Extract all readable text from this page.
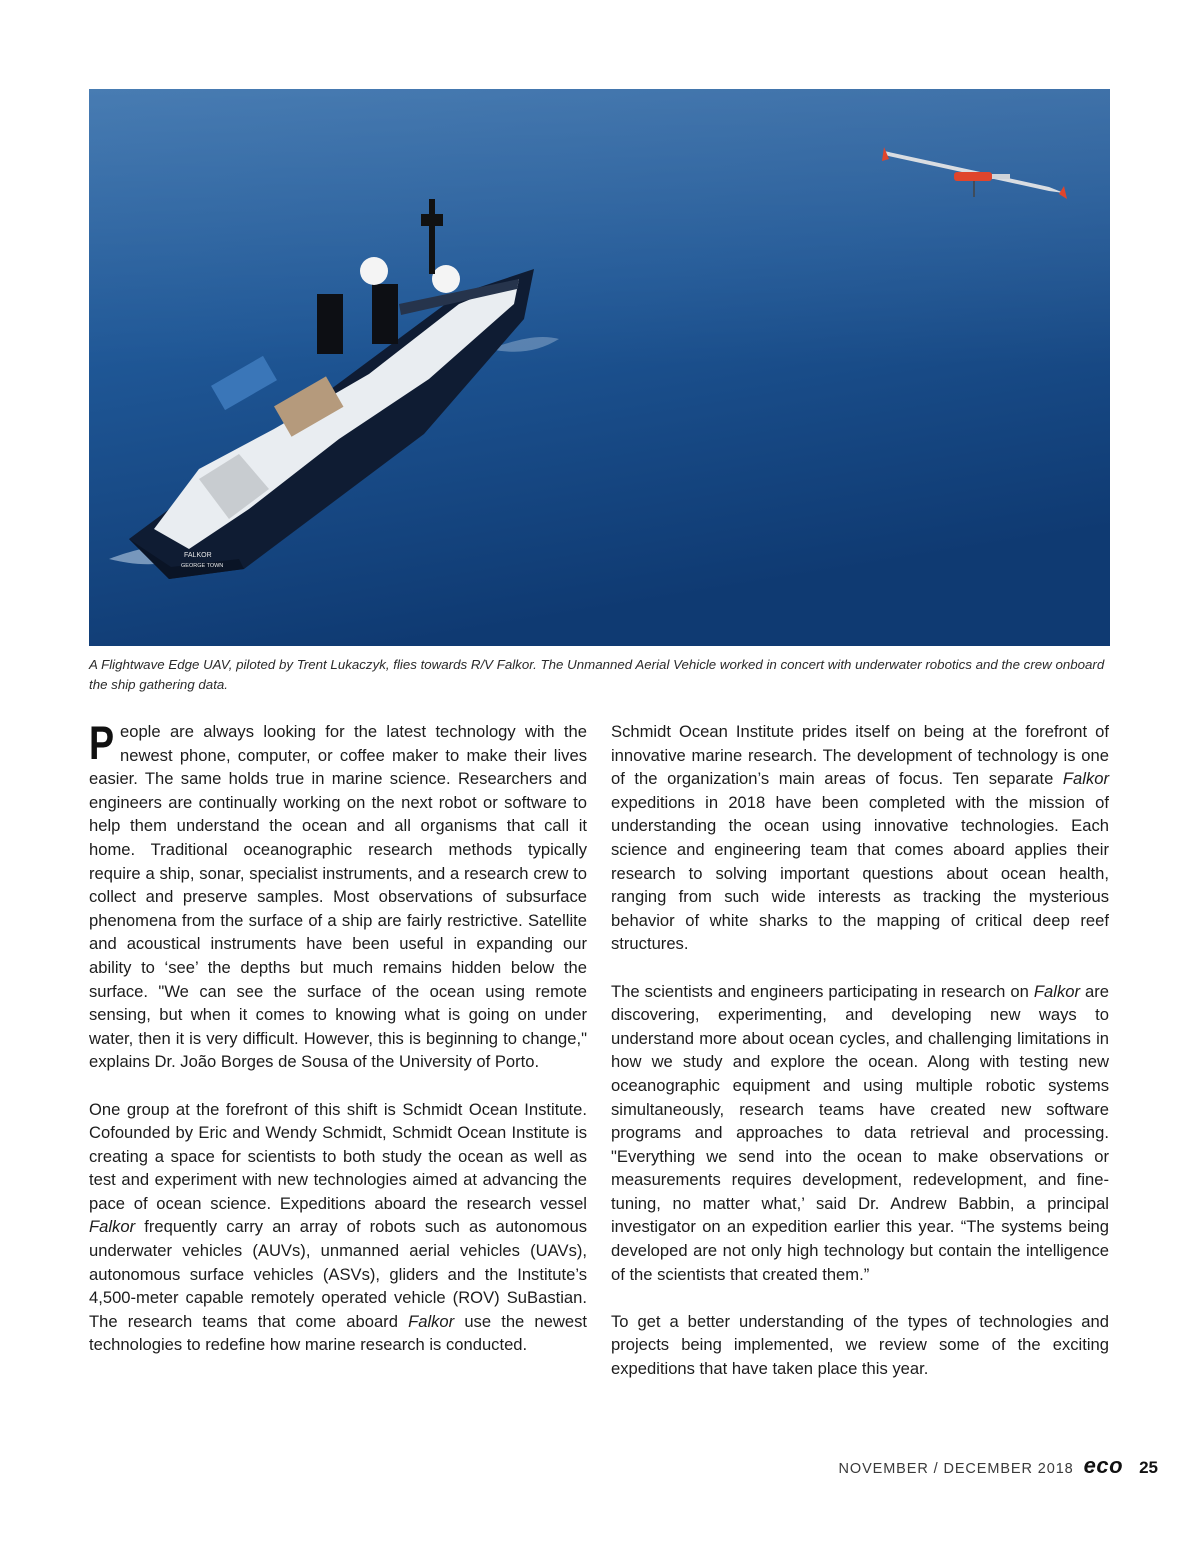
FALKOR
GEORGE TOWN
A Flightwave Edge UAV, piloted by Trent Lukaczyk, flies towards R/V Falkor. The Unmanned Aerial Vehicle worked in concert with underwater robotics and the crew onboard the ship gathering data.

People are always looking for the latest technology with the newest phone, computer, or coffee maker to make their lives easier. The same holds true in marine science. Researchers and engineers are continually working on the next robot or software to help them understand the ocean and all organisms that call it home. Traditional oceanographic research methods typically require a ship, sonar, specialist instruments, and a research crew to collect and preserve samples. Most observations of subsurface phenomena from the surface of a ship are fairly restrictive. Satellite and acoustical instruments have been useful in expanding our ability to ‘see’ the depths but much remains hidden below the surface. "We can see the surface of the ocean using remote sensing, but when it comes to knowing what is going on under water, then it is very difficult. However, this is beginning to change," explains Dr. João Borges de Sousa of the University of Porto.

One group at the forefront of this shift is Schmidt Ocean Institute. Cofounded by Eric and Wendy Schmidt, Schmidt Ocean Institute is creating a space for scientists to both study the ocean as well as test and experiment with new technologies aimed at advancing the pace of ocean science. Expeditions aboard the research vessel Falkor frequently carry an array of robots such as autonomous underwater vehicles (AUVs), unmanned aerial vehicles (UAVs), autonomous surface vehicles (ASVs), gliders and the Institute’s 4,500-meter capable remotely operated vehicle (ROV) SuBastian. The research teams that come aboard Falkor use the newest technologies to redefine how marine research is conducted.

Schmidt Ocean Institute prides itself on being at the forefront of innovative marine research. The development of technology is one of the organization’s main areas of focus. Ten separate Falkor expeditions in 2018 have been completed with the mission of understanding the ocean using innovative technologies. Each science and engineering team that comes aboard applies their research to solving important questions about ocean health, ranging from such wide interests as tracking the mysterious behavior of white sharks to the mapping of critical deep reef structures.

The scientists and engineers participating in research on Falkor are discovering, experimenting, and developing new ways to understand more about ocean cycles, and challenging limitations in how we study and explore the ocean. Along with testing new oceanographic equipment and using multiple robotic systems simultaneously, research teams have created new software programs and approaches to data retrieval and processing. "Everything we send into the ocean to make observations or measurements requires development, redevelopment, and fine-tuning, no matter what,’ said Dr. Andrew Babbin, a principal investigator on an expedition earlier this year. “The systems being developed are not only high technology but contain the intelligence of the scientists that created them.”

To get a better understanding of the types of technologies and projects being implemented, we review some of the exciting expeditions that have taken place this year.

NOVEMBER / DECEMBER 2018 eco 25
